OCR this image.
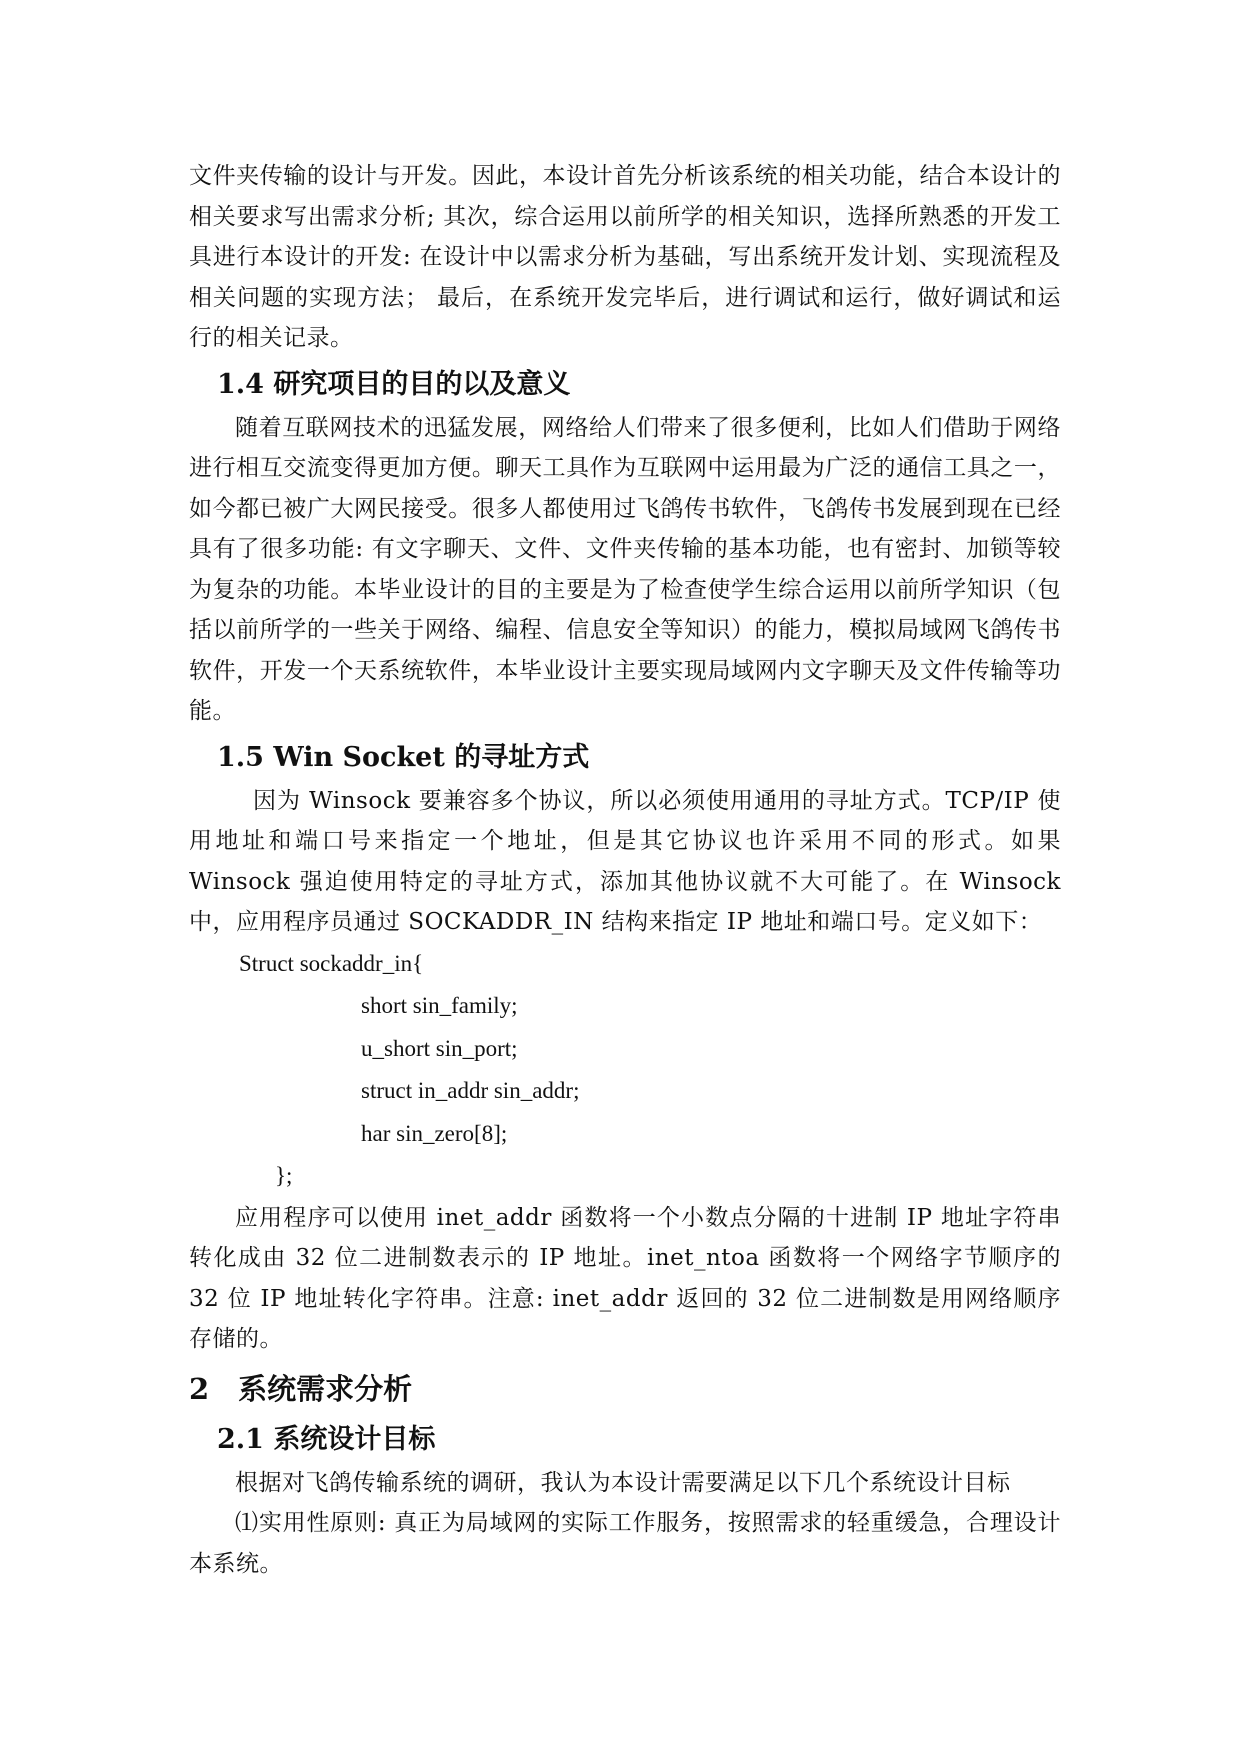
文件夹传输的设计与开发。因此，本设计首先分析该系统的相关功能，结合本设计的相关要求写出需求分析; 其次，综合运用以前所学的相关知识，选择所熟悉的开发工具进行本设计的开发: 在设计中以需求分析为基础，写出系统开发计划、实现流程及相关问题的实现方法； 最后，在系统开发完毕后，进行调试和运行，做好调试和运行的相关记录。

1.4 研究项目的目的以及意义

随着互联网技术的迅猛发展，网络给人们带来了很多便利，比如人们借助于网络进行相互交流变得更加方便。聊天工具作为互联网中运用最为广泛的通信工具之一，如今都已被广大网民接受。很多人都使用过飞鸽传书软件，飞鸽传书发展到现在已经具有了很多功能: 有文字聊天、文件、文件夹传输的基本功能，也有密封、加锁等较为复杂的功能。本毕业设计的目的主要是为了检查使学生综合运用以前所学知识（包括以前所学的一些关于网络、编程、信息安全等知识）的能力，模拟局域网飞鸽传书软件，开发一个天系统软件，本毕业设计主要实现局域网内文字聊天及文件传输等功能。

1.5 Win Socket 的寻址方式

因为 Winsock 要兼容多个协议，所以必须使用通用的寻址方式。TCP/IP 使用地址和端口号来指定一个地址，但是其它协议也许采用不同的形式。如果 Winsock 强迫使用特定的寻址方式，添加其他协议就不大可能了。在 Winsock 中，应用程序员通过 SOCKADDR_IN 结构来指定 IP 地址和端口号。定义如下：

Struct sockaddr_in{
short sin_family;
u_short sin_port;
struct in_addr sin_addr;
har sin_zero[8];
};

应用程序可以使用 inet_addr 函数将一个小数点分隔的十进制 IP 地址字符串转化成由 32 位二进制数表示的 IP 地址。inet_ntoa 函数将一个网络字节顺序的 32 位 IP 地址转化字符串。注意: inet_addr 返回的 32 位二进制数是用网络顺序存储的。

2　系统需求分析
2.1 系统设计目标

根据对飞鸽传输系统的调研，我认为本设计需要满足以下几个系统设计目标

⑴实用性原则: 真正为局域网的实际工作服务，按照需求的轻重缓急，合理设计本系统。
